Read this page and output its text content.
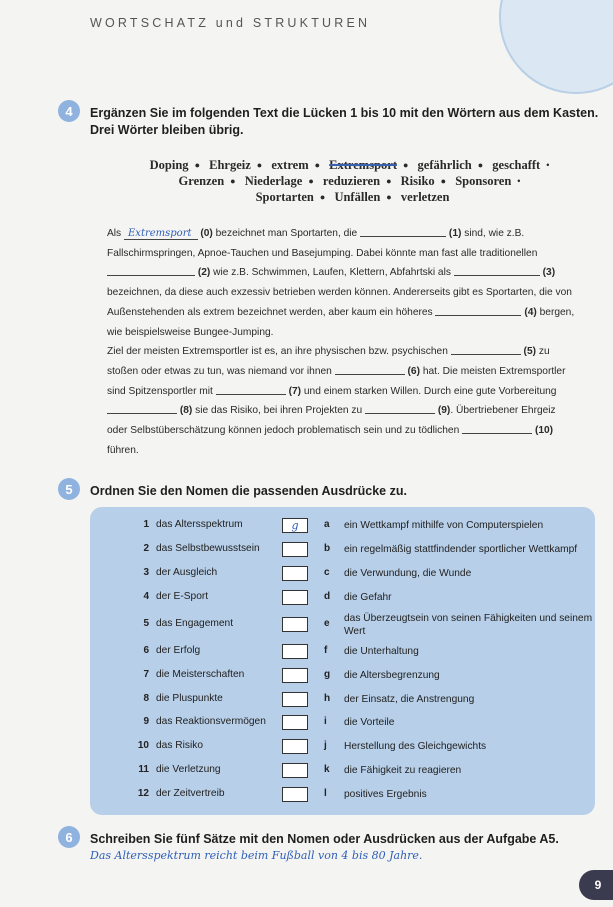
WORTSCHATZ und STRUKTUREN
4	Ergänzen Sie im folgenden Text die Lücken 1 bis 10 mit den Wörtern aus dem Kasten.
Drei Wörter bleiben übrig.
Doping ● Ehrgeiz ● extrem ● Extremsport ● gefährlich ● geschafft •
Grenzen ● Niederlage ● reduzieren ● Risiko ● Sponsoren •
Sportarten ● Unfällen ● verletzen
Als Extremsport (0) bezeichnet man Sportarten, die	(1) sind, wie z.B.
Fallschirmspringen, Apnoe-Tauchen und Basejumping. Dabei könnte man fast alle traditionellen
(2) wie z.B. Schwimmen, Laufen, Klettern, Abfahrtski als	(3)
bezeichnen, da diese auch exzessiv betrieben werden können. Andererseits gibt es Sportarten, die von
Außenstehenden als extrem bezeichnet werden, aber kaum ein höheres	(4) bergen,
wie beispielsweise Bungee-Jumping.
Ziel der meisten Extremsportler ist es, an ihre physischen bzw. psychischen	(5) zu
stoßen oder etwas zu tun, was niemand vor ihnen	(6) hat. Die meisten Extremsportler
sind Spitzensportler mit	(7) und einem starken Willen. Durch eine gute Vorbereitung
(8) sie das Risiko, bei ihren Projekten zu	(9). Übertriebener Ehrgeiz
oder Selbstüberschätzung können jedoch problematisch sein und zu tödlichen	(10)
führen.
5	Ordnen Sie den Nomen die passenden Ausdrücke zu.
1 das Altersspektrum	g	a ein Wettkampf mithilfe von Computerspielen
2 das Selbstbewusstsein	b ein regelmäßig stattfindender sportlicher Wettkampf
3 der Ausgleich	c die Verwundung, die Wunde
4 der E-Sport	d die Gefahr
5 das Engagement	e das Überzeugtsein von seinen Fähigkeiten und seinem Wert
6 der Erfolg	f die Unterhaltung
7 die Meisterschaften	g die Altersbegrenzung
8 die Pluspunkte	h der Einsatz, die Anstrengung
9 das Reaktionsvermögen	i die Vorteile
10 das Risiko	j Herstellung des Gleichgewichts
11 die Verletzung	k die Fähigkeit zu reagieren
12 der Zeitvertreib	l positives Ergebnis
6	Schreiben Sie fünf Sätze mit den Nomen oder Ausdrücken aus der Aufgabe A5.
Das Altersspektrum reicht beim Fußball von 4 bis 80 Jahre.
9
